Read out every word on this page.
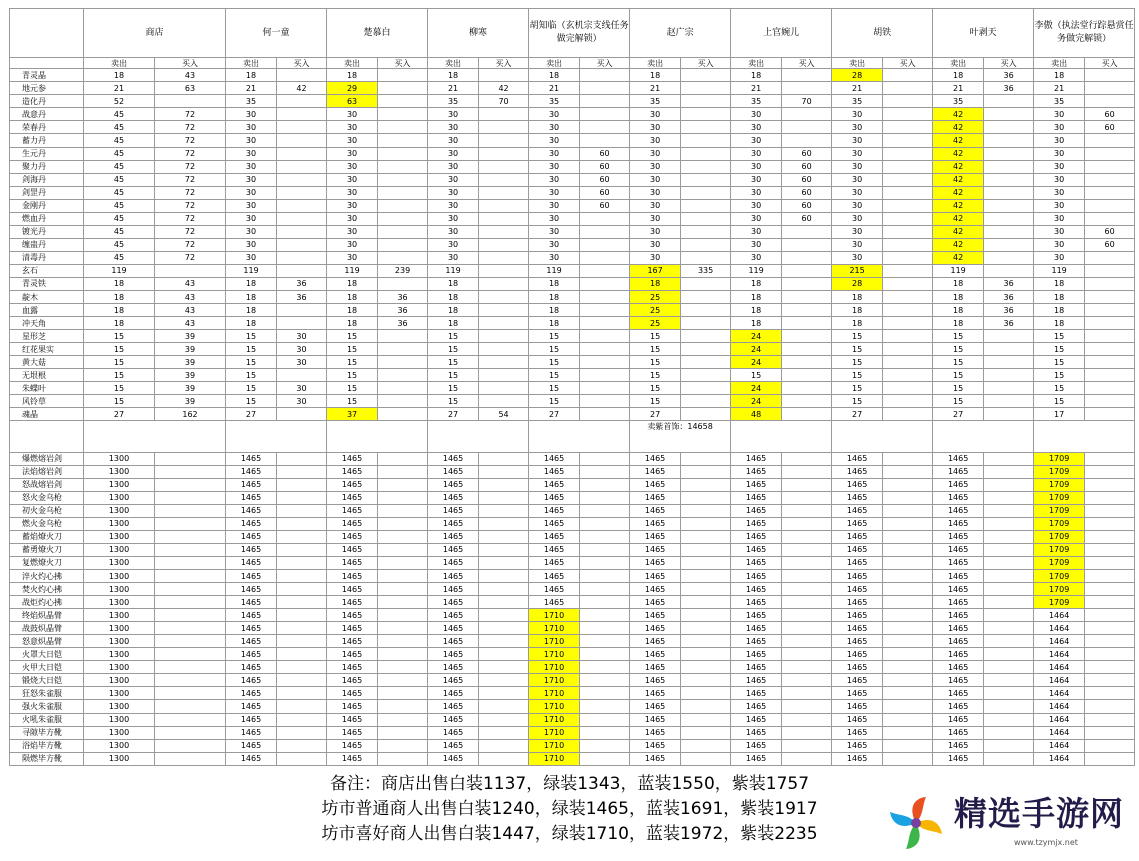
	商店		何一童		楚慕白		柳寒		胡知临（玄机宗支线任务做完解锁）		赵广宗		上官婉儿		胡铁		叶剥天		李傲（执法堂行踪悬赏任务做完解锁）	
	卖出	买入	卖出	买入	卖出	买入	卖出	买入	卖出	买入	卖出	买入	卖出	买入	卖出	买入	卖出	买入	卖出	买入
青灵晶	18	43	18		18		18		18		18		18		28		18	36	18	
地元参	21	63	21	42	29		21	42	21		21		21		21		21	36	21	
造化丹	52		35		63		35	70	35		35		35	70	35		35		35	
战意丹	45	72	30		30		30		30		30		30		30		42		30	60
荣春丹	45	72	30		30		30		30		30		30		30		42		30	60
蓄力丹	45	72	30		30		30		30		30		30		30		42		30	
生元丹	45	72	30		30		30		30	60	30		30	60	30		42		30	
聚力丹	45	72	30		30		30		30	60	30		30	60	30		42		30	
剑海丹	45	72	30		30		30		30	60	30		30	60	30		42		30	
剑罡丹	45	72	30		30		30		30	60	30		30	60	30		42		30	
金刚丹	45	72	30		30		30		30	60	30		30	60	30		42		30	
燃血丹	45	72	30		30		30		30		30		30	60	30		42		30	
镀光丹	45	72	30		30		30		30		30		30		30		42		30	60
缠蛊丹	45	72	30		30		30		30		30		30		30		42		30	60
清毒丹	45	72	30		30		30		30		30		30		30		42		30	
玄石	119		119		119	239	119		119		167	335	119		215		119		119	
青灵铁	18	43	18	36	18		18		18		18		18		28		18	36	18	
靛木	18	43	18	36	18	36	18		18		25		18		18		18	36	18	
血露	18	43	18		18	36	18		18		25		18		18		18	36	18	
冲天角	18	43	18		18	36	18		18		25		18		18		18	36	18	
星形芝	15	39	15	30	15		15		15		15		24		15		15		15	
红花果实	15	39	15	30	15		15		15		15		24		15		15		15	
黄大菇	15	39	15	30	15		15		15		15		24		15		15		15	
无垠根	15	39	15		15		15		15		15		15		15		15		15	
朱蝶叶	15	39	15	30	15		15		15		15		24		15		15		15	
风铃草	15	39	15	30	15		15		15		15		24		15		15		15	
魂晶	27	162	27		37		27	54	27		27		48		27		27		17	
											卖紫首饰：14658									
爆燃熔岩剑	1300		1465		1465		1465		1465		1465		1465		1465		1465		1709	
法焰熔岩剑	1300		1465		1465		1465		1465		1465		1465		1465		1465		1709	
怒战熔岩剑	1300		1465		1465		1465		1465		1465		1465		1465		1465		1709	
怒火金乌枪	1300		1465		1465		1465		1465		1465		1465		1465		1465		1709	
初火金乌枪	1300		1465		1465		1465		1465		1465		1465		1465		1465		1709	
燃火金乌枪	1300		1465		1465		1465		1465		1465		1465		1465		1465		1709	
蓄焰燎火刀	1300		1465		1465		1465		1465		1465		1465		1465		1465		1709	
蓄勇燎火刀	1300		1465		1465		1465		1465		1465		1465		1465		1465		1709	
复燃燎火刀	1300		1465		1465		1465		1465		1465		1465		1465		1465		1709	
淬火灼心拂	1300		1465		1465		1465		1465		1465		1465		1465		1465		1709	
焚火灼心拂	1300		1465		1465		1465		1465		1465		1465		1465		1465		1709	
战炬灼心拂	1300		1465		1465		1465		1465		1465		1465		1465		1465		1709	
终焰炽晶臂	1300		1465		1465		1465		1710		1465		1465		1465		1465		1464	
战鼓炽晶臂	1300		1465		1465		1465		1710		1465		1465		1465		1465		1464	
怒意炽晶臂	1300		1465		1465		1465		1710		1465		1465		1465		1465		1464	
火罩大日铠	1300		1465		1465		1465		1710		1465		1465		1465		1465		1464	
火甲大日铠	1300		1465		1465		1465		1710		1465		1465		1465		1465		1464	
锻烧大日铠	1300		1465		1465		1465		1710		1465		1465		1465		1465		1464	
狂怒朱雀服	1300		1465		1465		1465		1710		1465		1465		1465		1465		1464	
强火朱雀服	1300		1465		1465		1465		1710		1465		1465		1465		1465		1464	
火吼朱雀服	1300		1465		1465		1465		1710		1465		1465		1465		1465		1464	
寻隙毕方靴	1300		1465		1465		1465		1710		1465		1465		1465		1465		1464	
浴焰毕方靴	1300		1465		1465		1465		1710		1465		1465		1465		1465		1464	
陨燃毕方靴	1300		1465		1465		1465		1710		1465		1465		1465		1465		1464	
备注：商店出售白装1137，绿装1343，蓝装1550，紫装1757
坊市普通商人出售白装1240，绿装1465，蓝装1691，紫装1917
坊市喜好商人出售白装1447，绿装1710，蓝装1972，紫装2235
精选手游网
www.tzymjx.net
